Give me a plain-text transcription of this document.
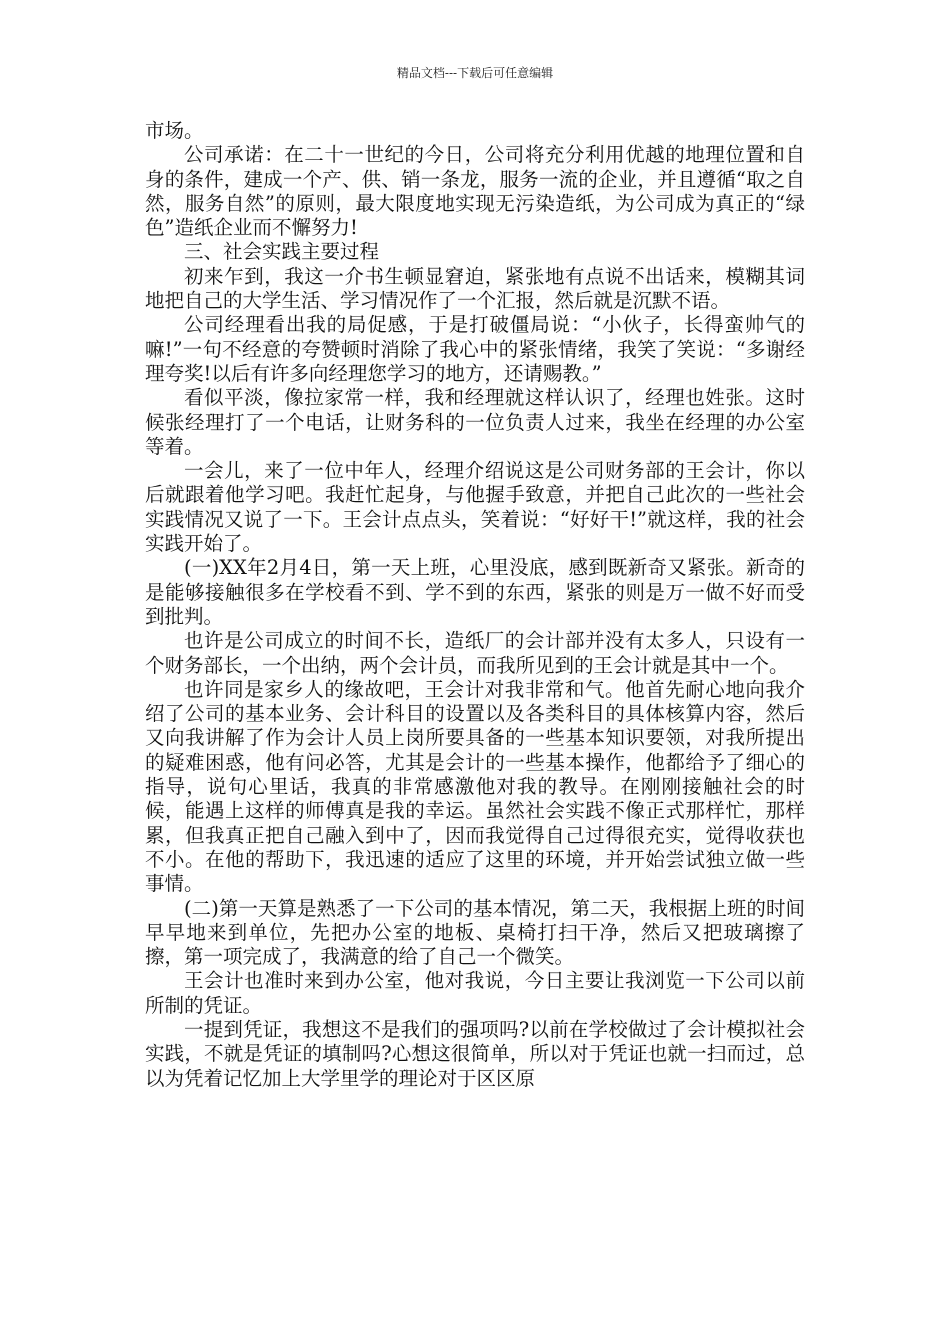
精品文档---下载后可任意编辑

市场。

公司承诺：在二十一世纪的今日，公司将充分利用优越的地理位置和自身的条件，建成一个产、供、销一条龙，服务一流的企业，并且遵循“取之自然，服务自然”的原则，最大限度地实现无污染造纸，为公司成为真正的“绿色”造纸企业而不懈努力!

三、社会实践主要过程

初来乍到，我这一介书生顿显窘迫，紧张地有点说不出话来，模糊其词地把自己的大学生活、学习情况作了一个汇报，然后就是沉默不语。

公司经理看出我的局促感，于是打破僵局说：“小伙子，长得蛮帅气的嘛!”一句不经意的夸赞顿时消除了我心中的紧张情绪，我笑了笑说：“多谢经理夸奖!以后有许多向经理您学习的地方，还请赐教。”

看似平淡，像拉家常一样，我和经理就这样认识了，经理也姓张。这时候张经理打了一个电话，让财务科的一位负责人过来，我坐在经理的办公室等着。

一会儿，来了一位中年人，经理介绍说这是公司财务部的王会计，你以后就跟着他学习吧。我赶忙起身，与他握手致意，并把自己此次的一些社会实践情况又说了一下。王会计点点头，笑着说：“好好干!”就这样，我的社会实践开始了。

(一)XX年2月4日，第一天上班，心里没底，感到既新奇又紧张。新奇的是能够接触很多在学校看不到、学不到的东西，紧张的则是万一做不好而受到批判。

也许是公司成立的时间不长，造纸厂的会计部并没有太多人，只设有一个财务部长，一个出纳，两个会计员，而我所见到的王会计就是其中一个。

也许同是家乡人的缘故吧，王会计对我非常和气。他首先耐心地向我介绍了公司的基本业务、会计科目的设置以及各类科目的具体核算内容，然后又向我讲解了作为会计人员上岗所要具备的一些基本知识要领，对我所提出的疑难困惑，他有问必答，尤其是会计的一些基本操作，他都给予了细心的指导，说句心里话，我真的非常感激他对我的教导。在刚刚接触社会的时候，能遇上这样的师傅真是我的幸运。虽然社会实践不像正式那样忙，那样累，但我真正把自己融入到中了，因而我觉得自己过得很充实，觉得收获也不小。在他的帮助下，我迅速的适应了这里的环境，并开始尝试独立做一些事情。

(二)第一天算是熟悉了一下公司的基本情况，第二天，我根据上班的时间早早地来到单位，先把办公室的地板、桌椅打扫干净，然后又把玻璃擦了擦，第一项完成了，我满意的给了自己一个微笑。

王会计也准时来到办公室，他对我说，今日主要让我浏览一下公司以前所制的凭证。

一提到凭证，我想这不是我们的强项吗?以前在学校做过了会计模拟社会实践，不就是凭证的填制吗?心想这很简单，所以对于凭证也就一扫而过，总以为凭着记忆加上大学里学的理论对于区区原
